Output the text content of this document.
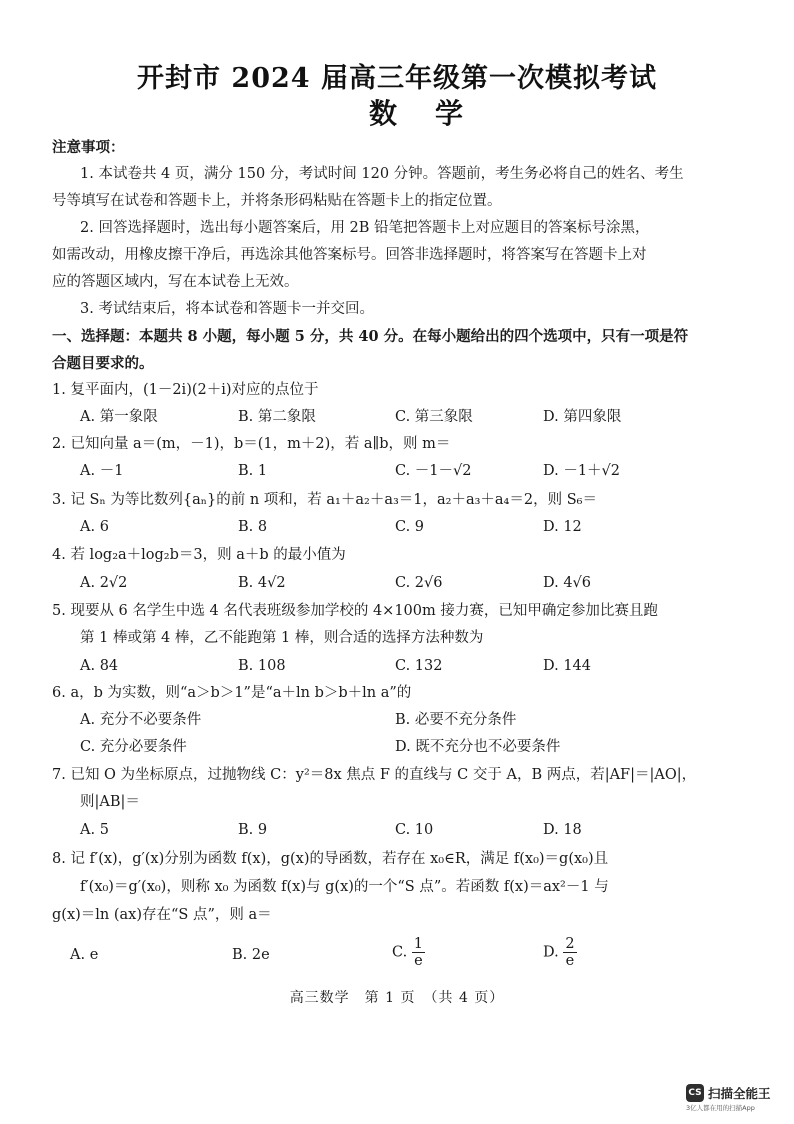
开封市 2024 届高三年级第一次模拟考试
数学
注意事项：
1. 本试卷共 4 页，满分 150 分，考试时间 120 分钟。答题前，考生务必将自己的姓名、考生
号等填写在试卷和答题卡上，并将条形码粘贴在答题卡上的指定位置。
2. 回答选择题时，选出每小题答案后，用 2B 铅笔把答题卡上对应题目的答案标号涂黑，
如需改动，用橡皮擦干净后，再选涂其他答案标号。回答非选择题时，将答案写在答题卡上对
应的答题区域内，写在本试卷上无效。
3. 考试结束后，将本试卷和答题卡一并交回。
一、选择题：本题共 8 小题，每小题 5 分，共 40 分。在每小题给出的四个选项中，只有一项是符
合题目要求的。
1. 复平面内，(1－2i)(2＋i)对应的点位于
A. 第一象限	B. 第二象限	C. 第三象限	D. 第四象限
2. 已知向量 a＝(m，－1)，b＝(1，m＋2)，若 a∥b，则 m＝
A. －1	B. 1	C. －1－√2	D. －1＋√2
3. 记 Sₙ 为等比数列{aₙ}的前 n 项和，若 a₁＋a₂＋a₃＝1，a₂＋a₃＋a₄＝2，则 S₆＝
A. 6	B. 8	C. 9	D. 12
4. 若 log₂a＋log₂b＝3，则 a＋b 的最小值为
A. 2√2	B. 4√2	C. 2√6	D. 4√6
5. 现要从 6 名学生中选 4 名代表班级参加学校的 4×100m 接力赛，已知甲确定参加比赛且跑
第 1 棒或第 4 棒，乙不能跑第 1 棒，则合适的选择方法种数为
A. 84	B. 108	C. 132	D. 144
6. a，b 为实数，则“a＞b＞1”是“a＋ln b＞b＋ln a”的
A. 充分不必要条件	B. 必要不充分条件
C. 充分必要条件	D. 既不充分也不必要条件
7. 已知 O 为坐标原点，过抛物线 C：y²＝8x 焦点 F 的直线与 C 交于 A，B 两点，若|AF|＝|AO|，
则|AB|＝
A. 5	B. 9	C. 10	D. 18
8. 记 f′(x)，g′(x)分别为函数 f(x)，g(x)的导函数，若存在 x₀∈R，满足 f(x₀)＝g(x₀)且
f′(x₀)＝g′(x₀)，则称 x₀ 为函数 f(x)与 g(x)的一个“S 点”。若函数 f(x)＝ax²－1 与
g(x)＝ln (ax)存在“S 点”，则 a＝
A. e	B. 2e	C. $\frac{1}{e}$	D. $\frac{2}{e}$
高三数学　第 1 页　（共 4 页）
CS 扫描全能王
3亿人都在用的扫描App
